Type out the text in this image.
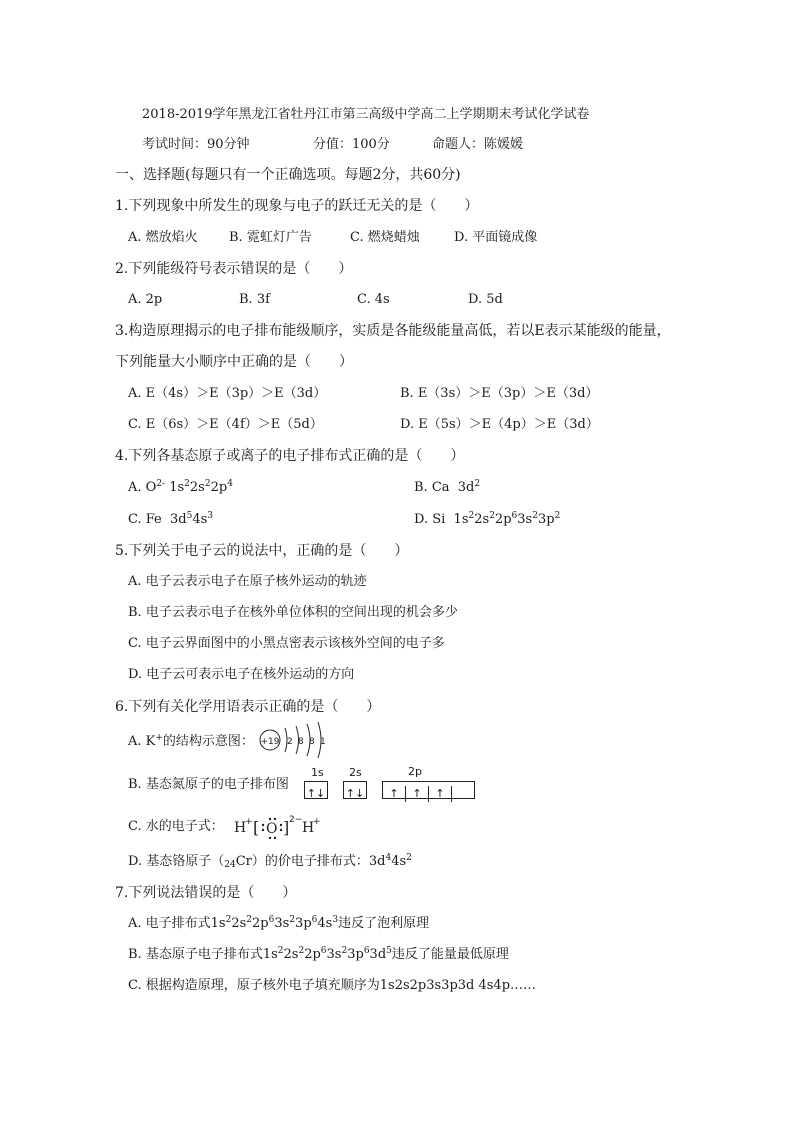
2018-2019学年黑龙江省牡丹江市第三高级中学高二上学期期末考试化学试卷
考试时间：90分钟	分值：100分	命题人：陈媛媛
一、选择题(每题只有一个正确选项。每题2分，共60分)
1.下列现象中所发生的现象与电子的跃迁无关的是（　　）
A. 燃放焰火 B. 霓虹灯广告	C. 燃烧蜡烛	D. 平面镜成像
2.下列能级符号表示错误的是（　　）
A. 2p	B. 3f	C. 4s	D. 5d
3.构造原理揭示的电子排布能级顺序，实质是各能级能量高低，若以E表示某能级的能量，
下列能量大小顺序中正确的是（　　）
A. E（4s）＞E（3p）＞E（3d）	B. E（3s）＞E（3p）＞E（3d）
C. E（6s）＞E（4f）＞E（5d）	D. E（5s）＞E（4p）＞E（3d）
4.下列各基态原子或离子的电子排布式正确的是（　　）
A. $O^{2-}$ $1s^22s^22p^4$	B. Ca  $3d^2$
C. Fe  $3d^54s^3$	D. Si  $1s^22s^22p^63s^23p^2$
5.下列关于电子云的说法中，正确的是（　　）
A. 电子云表示电子在原子核外运动的轨迹
B. 电子云表示电子在核外单位体积的空间出现的机会多少
C. 电子云界面图中的小黑点密表示该核外空间的电子多
D. 电子云可表示电子在核外运动的方向
6.下列有关化学用语表示正确的是（　　）
A. K+的结构示意图： +19 2 8 8 1
B. 基态氮原子的电子排布图
1s 2s	2p
↑↓ ↑↓	↑ ↑ ↑　
C. 水的电子式： H
+ [ O ] 2− H
+
D. 基态铬原子$(_{24}Cr)$的价电子排布式：$3d^44s^2$
7.下列说法错误的是（　　）
A. 电子排布式$1s^22s^22p^63s^23p^64s^3$违反了泡利原理
B. 基态原子电子排布式$1s^22s^22p^63s^23p^63d^5$违反了能量最低原理
C. 根据构造原理，原子核外电子填充顺序为1s2s2p3s3p3d 4s4p……
